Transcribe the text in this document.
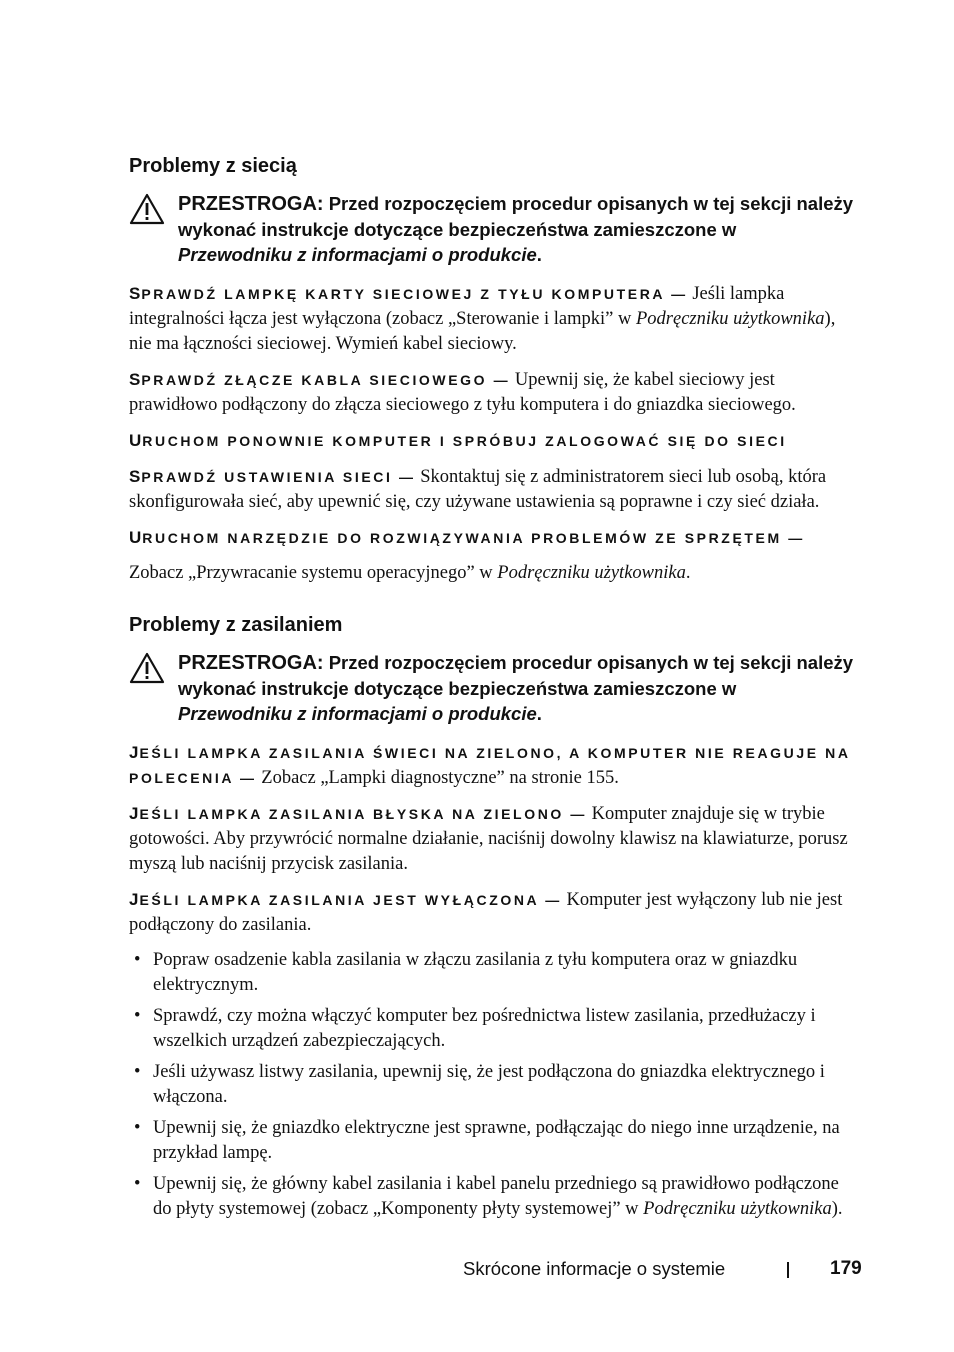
Problemy z siecią
PRZESTROGA: Przed rozpoczęciem procedur opisanych w tej sekcji należy wykonać instrukcje dotyczące bezpieczeństwa zamieszczone w Przewodniku z informacjami o produkcie.

SPRAWDŹ LAMPKĘ KARTY SIECIOWEJ Z TYŁU KOMPUTERA — Jeśli lampka integralności łącza jest wyłączona (zobacz „Sterowanie i lampki” w Podręczniku użytkownika), nie ma łączności sieciowej. Wymień kabel sieciowy.

SPRAWDŹ ZŁĄCZE KABLA SIECIOWEGO — Upewnij się, że kabel sieciowy jest prawidłowo podłączony do złącza sieciowego z tyłu komputera i do gniazdka sieciowego.

URUCHOM PONOWNIE KOMPUTER I SPRÓBUJ ZALOGOWAĆ SIĘ DO SIECI

SPRAWDŹ USTAWIENIA SIECI — Skontaktuj się z administratorem sieci lub osobą, która skonfigurowała sieć, aby upewnić się, czy używane ustawienia są poprawne i czy sieć działa.

URUCHOM NARZĘDZIE DO ROZWIĄZYWANIA PROBLEMÓW ZE SPRZĘTEM —

Zobacz „Przywracanie systemu operacyjnego” w Podręczniku użytkownika.

Problemy z zasilaniem
PRZESTROGA: Przed rozpoczęciem procedur opisanych w tej sekcji należy wykonać instrukcje dotyczące bezpieczeństwa zamieszczone w Przewodniku z informacjami o produkcie.

JEŚLI LAMPKA ZASILANIA ŚWIECI NA ZIELONO, A KOMPUTER NIE REAGUJE NA POLECENIA — Zobacz „Lampki diagnostyczne” na stronie 155.

JEŚLI LAMPKA ZASILANIA BŁYSKA NA ZIELONO — Komputer znajduje się w trybie gotowości. Aby przywrócić normalne działanie, naciśnij dowolny klawisz na klawiaturze, porusz myszą lub naciśnij przycisk zasilania.

JEŚLI LAMPKA ZASILANIA JEST WYŁĄCZONA — Komputer jest wyłączony lub nie jest podłączony do zasilania.

• Popraw osadzenie kabla zasilania w złączu zasilania z tyłu komputera oraz w gniazdku elektrycznym.
• Sprawdź, czy można włączyć komputer bez pośrednictwa listew zasilania, przedłużaczy i wszelkich urządzeń zabezpieczających.
• Jeśli używasz listwy zasilania, upewnij się, że jest podłączona do gniazdka elektrycznego i włączona.
• Upewnij się, że gniazdko elektryczne jest sprawne, podłączając do niego inne urządzenie, na przykład lampę.
• Upewnij się, że główny kabel zasilania i kabel panelu przedniego są prawidłowo podłączone do płyty systemowej (zobacz „Komponenty płyty systemowej” w Podręczniku użytkownika).
Skrócone informacje o systemie	179
